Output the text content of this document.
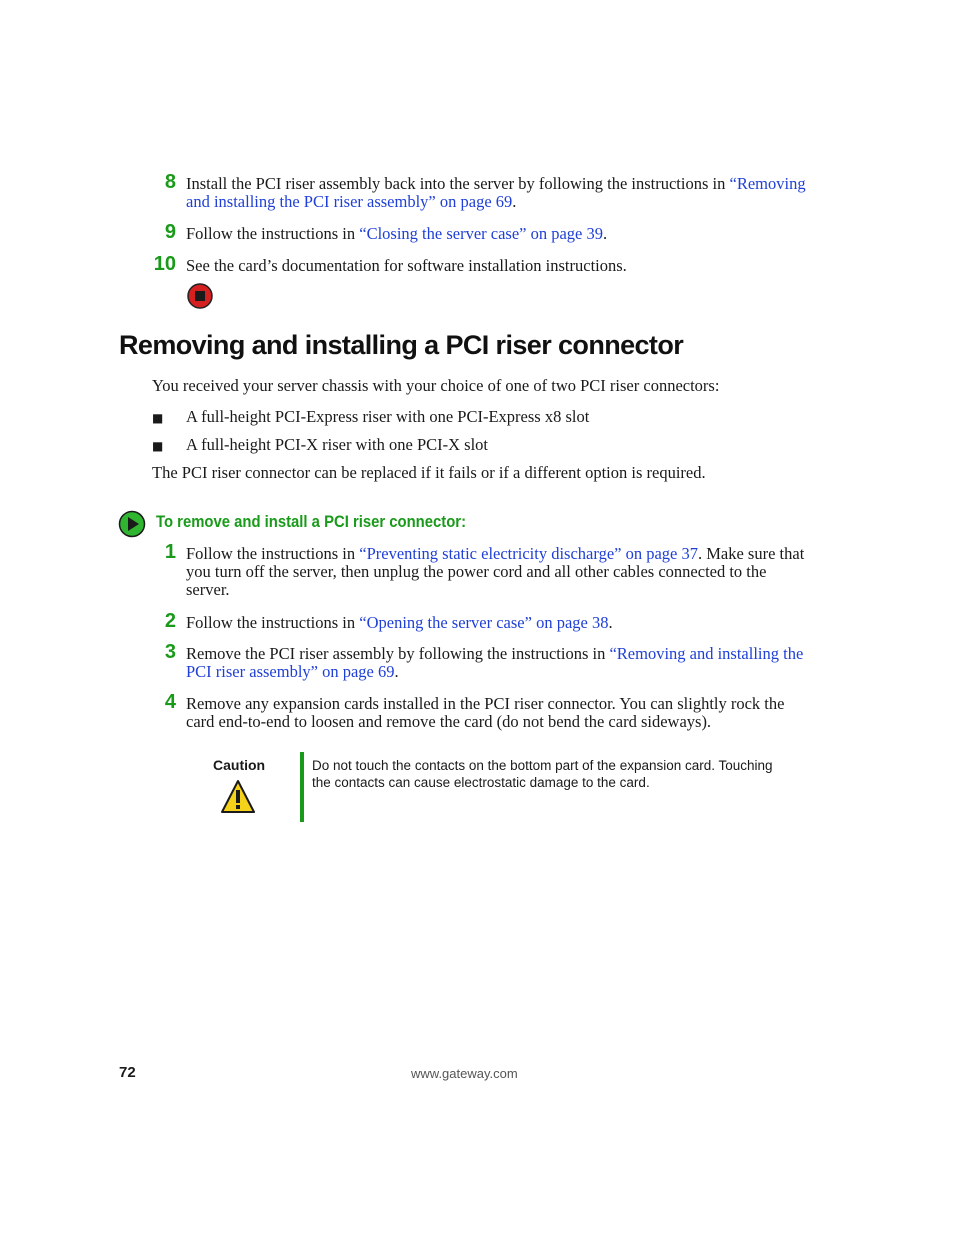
8 Install the PCI riser assembly back into the server by following the instructions in “Removing and installing the PCI riser assembly” on page 69.
9 Follow the instructions in “Closing the server case” on page 39.
10 See the card’s documentation for software installation instructions.
Removing and installing a PCI riser connector
You received your server chassis with your choice of one of two PCI riser connectors:
■ A full-height PCI-Express riser with one PCI-Express x8 slot
■ A full-height PCI-X riser with one PCI-X slot
The PCI riser connector can be replaced if it fails or if a different option is required.
To remove and install a PCI riser connector:
1 Follow the instructions in “Preventing static electricity discharge” on page 37. Make sure that you turn off the server, then unplug the power cord and all other cables connected to the server.
2 Follow the instructions in “Opening the server case” on page 38.
3 Remove the PCI riser assembly by following the instructions in “Removing and installing the PCI riser assembly” on page 69.
4 Remove any expansion cards installed in the PCI riser connector. You can slightly rock the card end-to-end to loosen and remove the card (do not bend the card sideways).
Caution	Do not touch the contacts on the bottom part of the expansion card. Touching the contacts can cause electrostatic damage to the card.
72	www.gateway.com
